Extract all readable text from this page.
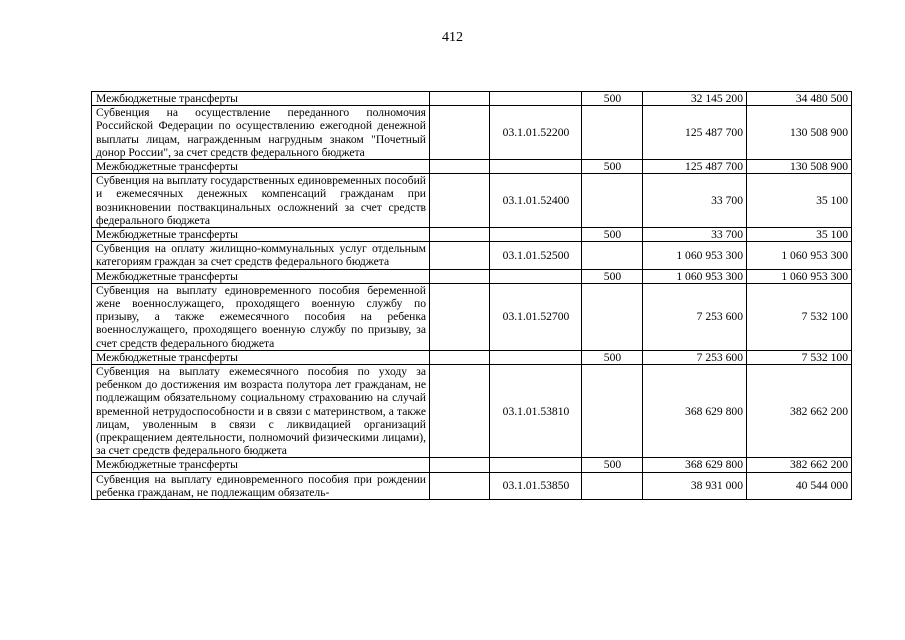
412
Межбюджетные трансферты			500	32 145 200	34 480 500
Субвенция на осуществление переданного полномочия Российской Федерации по осуществлению ежегодной денежной выплаты лицам, награжденным нагрудным знаком "Почетный донор России", за счет средств федерального бюджета		03.1.01.52200		125 487 700	130 508 900
Межбюджетные трансферты			500	125 487 700	130 508 900
Субвенция на выплату государственных единовременных пособий и ежемесячных денежных компенсаций гражданам при возникновении поствакцинальных осложнений за счет средств федерального бюджета		03.1.01.52400		33 700	35 100
Межбюджетные трансферты			500	33 700	35 100
Субвенция на оплату жилищно-коммунальных услуг отдельным категориям граждан за счет средств федерального бюджета		03.1.01.52500		1 060 953 300	1 060 953 300
Межбюджетные трансферты			500	1 060 953 300	1 060 953 300
Субвенция на выплату единовременного пособия беременной жене военнослужащего, проходящего военную службу по призыву, а также ежемесячного пособия на ребенка военнослужащего, проходящего военную службу по призыву, за счет средств федерального бюджета		03.1.01.52700		7 253 600	7 532 100
Межбюджетные трансферты			500	7 253 600	7 532 100
Субвенция на выплату ежемесячного пособия по уходу за ребенком до достижения им возраста полутора лет гражданам, не подлежащим обязательному социальному страхованию на случай временной нетрудоспособности и в связи с материнством, а также лицам, уволенным в связи с ликвидацией организаций (прекращением деятельности, полномочий физическими лицами), за счет средств федерального бюджета		03.1.01.53810		368 629 800	382 662 200
Межбюджетные трансферты			500	368 629 800	382 662 200
Субвенция на выплату единовременного пособия при рождении ребенка гражданам, не подлежащим обязатель-		03.1.01.53850		38 931 000	40 544 000
